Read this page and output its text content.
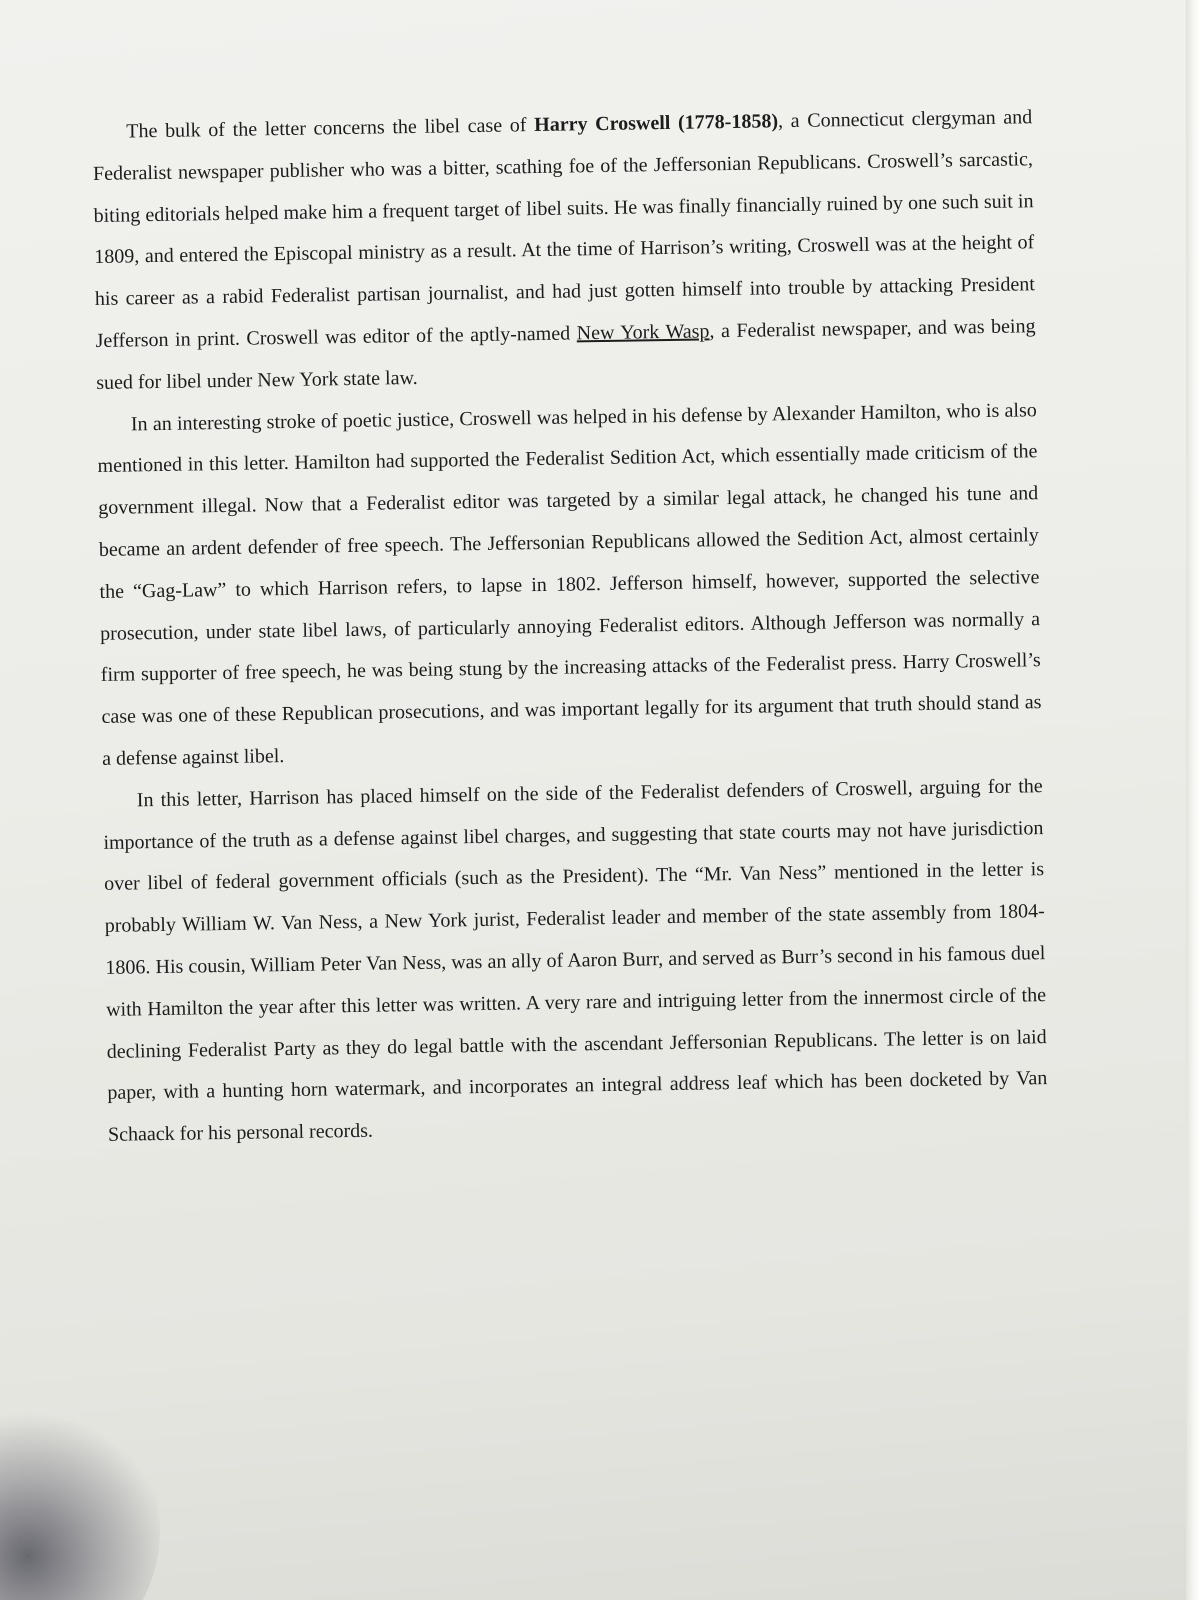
The bulk of the letter concerns the libel case of Harry Croswell (1778-1858), a Connecticut clergyman and Federalist newspaper publisher who was a bitter, scathing foe of the Jeffersonian Republicans. Croswell’s sarcastic, biting editorials helped make him a frequent target of libel suits. He was finally financially ruined by one such suit in 1809, and entered the Episcopal ministry as a result. At the time of Harrison’s writing, Croswell was at the height of his career as a rabid Federalist partisan journalist, and had just gotten himself into trouble by attacking President Jefferson in print. Croswell was editor of the aptly-named New York Wasp, a Federalist newspaper, and was being sued for libel under New York state law.

In an interesting stroke of poetic justice, Croswell was helped in his defense by Alexander Hamilton, who is also mentioned in this letter. Hamilton had supported the Federalist Sedition Act, which essentially made criticism of the government illegal. Now that a Federalist editor was targeted by a similar legal attack, he changed his tune and became an ardent defender of free speech. The Jeffersonian Republicans allowed the Sedition Act, almost certainly the “Gag-Law” to which Harrison refers, to lapse in 1802. Jefferson himself, however, supported the selective prosecution, under state libel laws, of particularly annoying Federalist editors. Although Jefferson was normally a firm supporter of free speech, he was being stung by the increasing attacks of the Federalist press. Harry Croswell’s case was one of these Republican prosecutions, and was important legally for its argument that truth should stand as a defense against libel.

In this letter, Harrison has placed himself on the side of the Federalist defenders of Croswell, arguing for the importance of the truth as a defense against libel charges, and suggesting that state courts may not have jurisdiction over libel of federal government officials (such as the President). The “Mr. Van Ness” mentioned in the letter is probably William W. Van Ness, a New York jurist, Federalist leader and member of the state assembly from 1804-1806. His cousin, William Peter Van Ness, was an ally of Aaron Burr, and served as Burr’s second in his famous duel with Hamilton the year after this letter was written. A very rare and intriguing letter from the innermost circle of the declining Federalist Party as they do legal battle with the ascendant Jeffersonian Republicans. The letter is on laid paper, with a hunting horn watermark, and incorporates an integral address leaf which has been docketed by Van Schaack for his personal records.
